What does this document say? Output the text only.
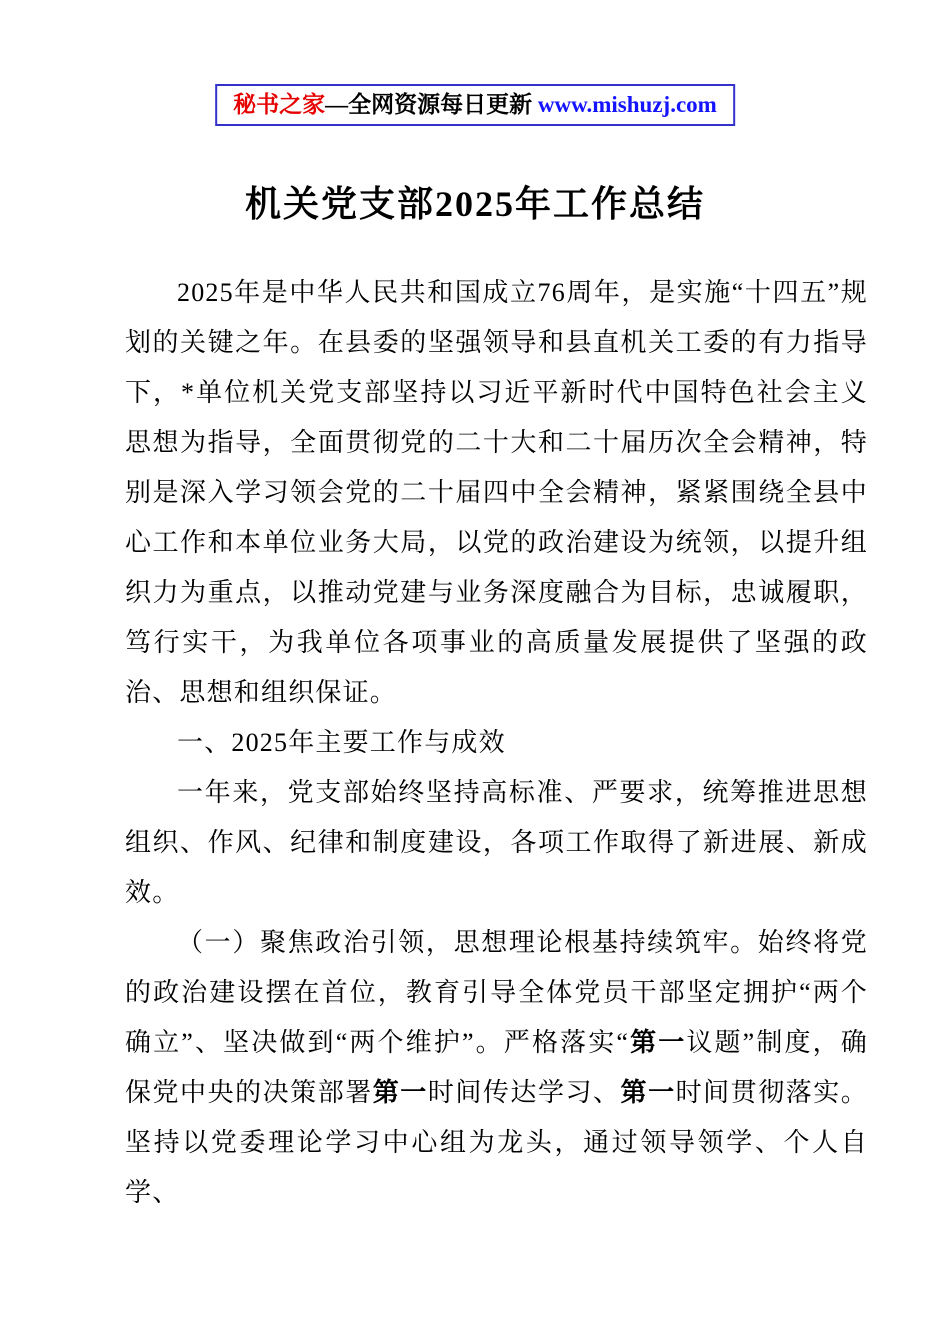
秘书之家—全网资源每日更新 www.mishuzj.com
机关党支部2025年工作总结

2025年是中华人民共和国成立76周年，是实施“十四五”规划的关键之年。在县委的坚强领导和县直机关工委的有力指导下，*单位机关党支部坚持以习近平新时代中国特色社会主义思想为指导，全面贯彻党的二十大和二十届历次全会精神，特别是深入学习领会党的二十届四中全会精神，紧紧围绕全县中心工作和本单位业务大局，以党的政治建设为统领，以提升组织力为重点，以推动党建与业务深度融合为目标，忠诚履职，笃行实干，为我单位各项事业的高质量发展提供了坚强的政治、思想和组织保证。

一、2025年主要工作与成效

一年来，党支部始终坚持高标准、严要求，统筹推进思想组织、作风、纪律和制度建设，各项工作取得了新进展、新成效。

（一）聚焦政治引领，思想理论根基持续筑牢。始终将党的政治建设摆在首位，教育引导全体党员干部坚定拥护“两个确立”、坚决做到“两个维护”。严格落实“第一议题”制度，确保党中央的决策部署第一时间传达学习、第一时间贯彻落实。坚持以党委理论学习中心组为龙头，通过领导领学、个人自学、
